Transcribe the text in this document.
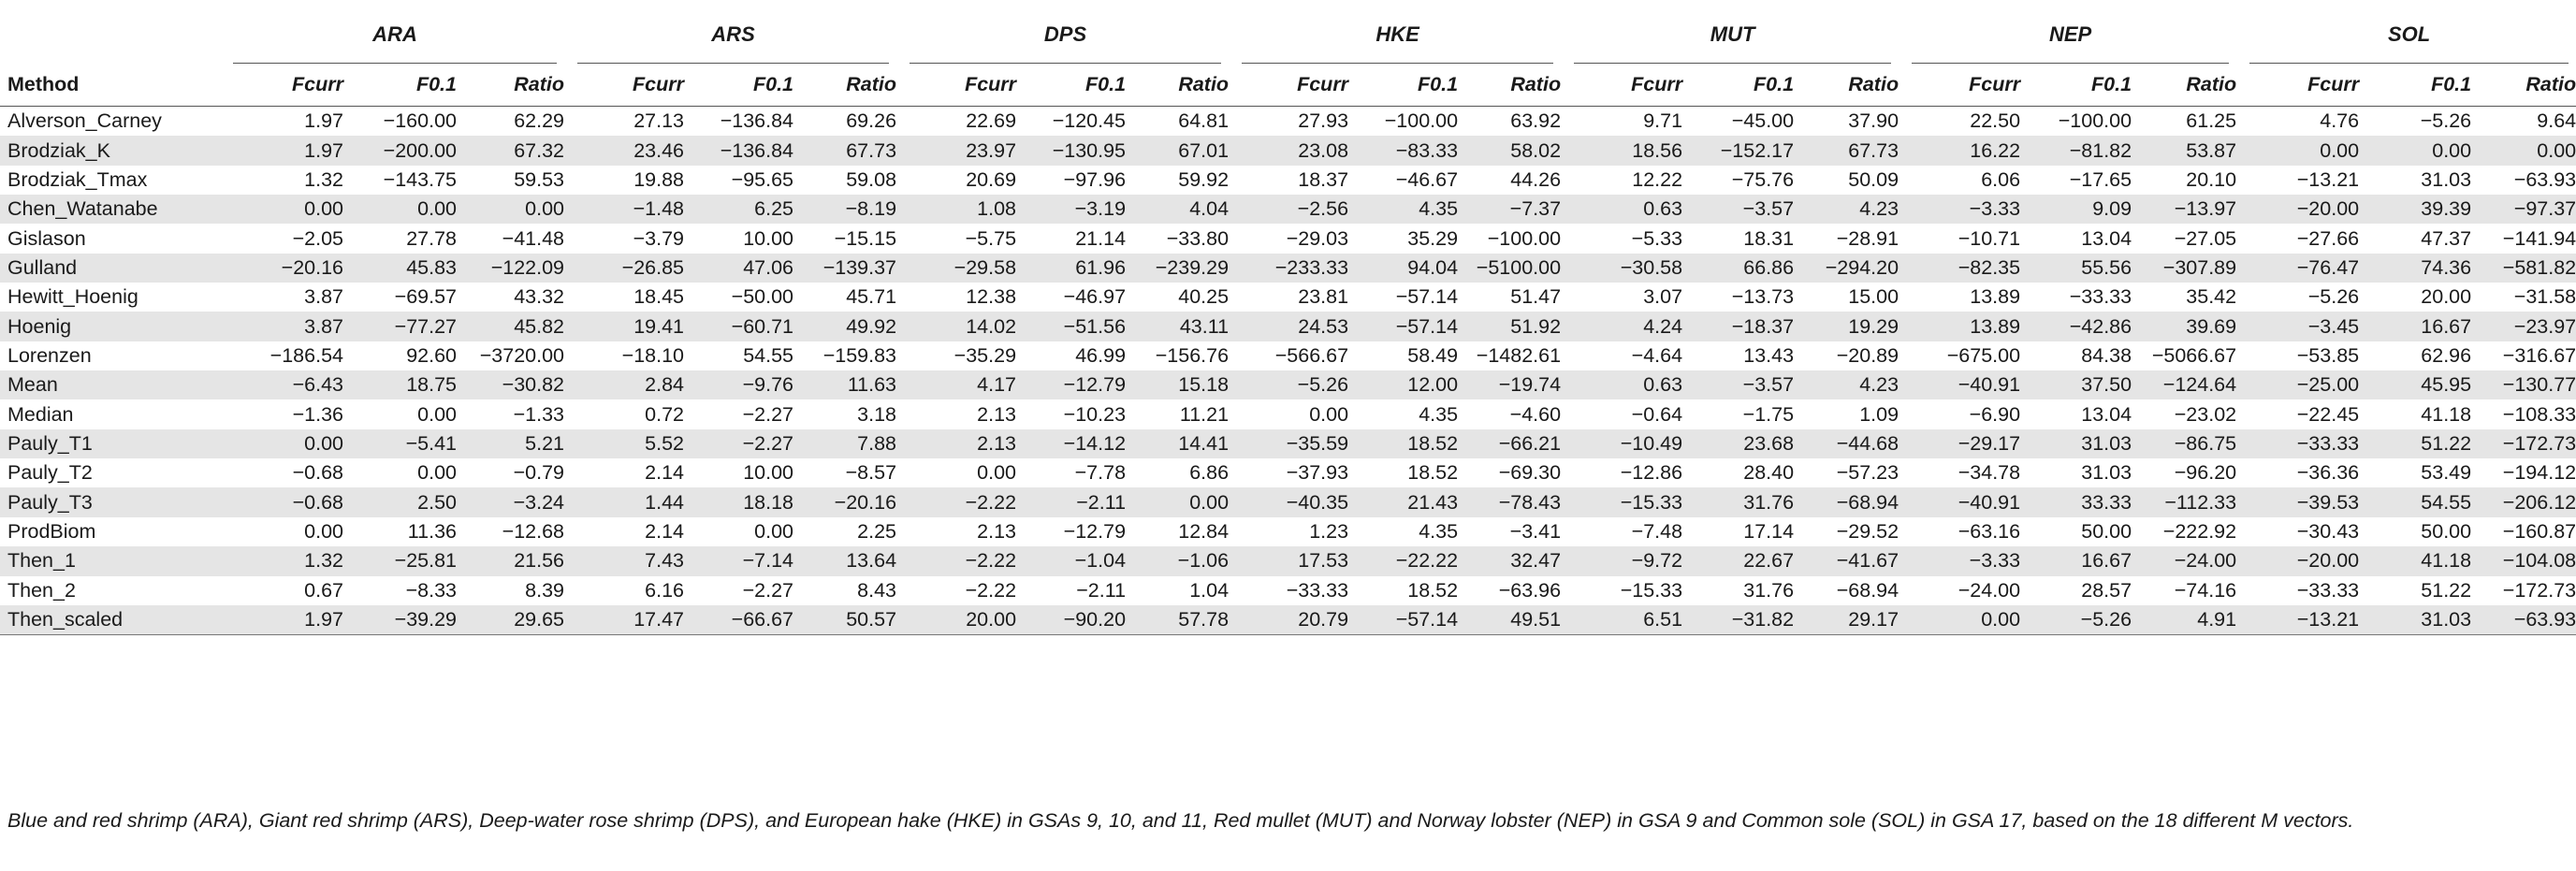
	ARA			ARS			DPS			HKE			MUT			NEP			SOL		

Method	Fcurr	F0.1	Ratio	Fcurr	F0.1	Ratio	Fcurr	F0.1	Ratio	Fcurr	F0.1	Ratio	Fcurr	F0.1	Ratio	Fcurr	F0.1	Ratio	Fcurr	F0.1	Ratio
Alverson_Carney	1.97	−160.00	62.29	27.13	−136.84	69.26	22.69	−120.45	64.81	27.93	−100.00	63.92	9.71	−45.00	37.90	22.50	−100.00	61.25	4.76	−5.26	9.64
Brodziak_K	1.97	−200.00	67.32	23.46	−136.84	67.73	23.97	−130.95	67.01	23.08	−83.33	58.02	18.56	−152.17	67.73	16.22	−81.82	53.87	0.00	0.00	0.00
Brodziak_Tmax	1.32	−143.75	59.53	19.88	−95.65	59.08	20.69	−97.96	59.92	18.37	−46.67	44.26	12.22	−75.76	50.09	6.06	−17.65	20.10	−13.21	31.03	−63.93
Chen_Watanabe	0.00	0.00	0.00	−1.48	6.25	−8.19	1.08	−3.19	4.04	−2.56	4.35	−7.37	0.63	−3.57	4.23	−3.33	9.09	−13.97	−20.00	39.39	−97.37
Gislason	−2.05	27.78	−41.48	−3.79	10.00	−15.15	−5.75	21.14	−33.80	−29.03	35.29	−100.00	−5.33	18.31	−28.91	−10.71	13.04	−27.05	−27.66	47.37	−141.94
Gulland	−20.16	45.83	−122.09	−26.85	47.06	−139.37	−29.58	61.96	−239.29	−233.33	94.04	−5100.00	−30.58	66.86	−294.20	−82.35	55.56	−307.89	−76.47	74.36	−581.82
Hewitt_Hoenig	3.87	−69.57	43.32	18.45	−50.00	45.71	12.38	−46.97	40.25	23.81	−57.14	51.47	3.07	−13.73	15.00	13.89	−33.33	35.42	−5.26	20.00	−31.58
Hoenig	3.87	−77.27	45.82	19.41	−60.71	49.92	14.02	−51.56	43.11	24.53	−57.14	51.92	4.24	−18.37	19.29	13.89	−42.86	39.69	−3.45	16.67	−23.97
Lorenzen	−186.54	92.60	−3720.00	−18.10	54.55	−159.83	−35.29	46.99	−156.76	−566.67	58.49	−1482.61	−4.64	13.43	−20.89	−675.00	84.38	−5066.67	−53.85	62.96	−316.67
Mean	−6.43	18.75	−30.82	2.84	−9.76	11.63	4.17	−12.79	15.18	−5.26	12.00	−19.74	0.63	−3.57	4.23	−40.91	37.50	−124.64	−25.00	45.95	−130.77
Median	−1.36	0.00	−1.33	0.72	−2.27	3.18	2.13	−10.23	11.21	0.00	4.35	−4.60	−0.64	−1.75	1.09	−6.90	13.04	−23.02	−22.45	41.18	−108.33
Pauly_T1	0.00	−5.41	5.21	5.52	−2.27	7.88	2.13	−14.12	14.41	−35.59	18.52	−66.21	−10.49	23.68	−44.68	−29.17	31.03	−86.75	−33.33	51.22	−172.73
Pauly_T2	−0.68	0.00	−0.79	2.14	10.00	−8.57	0.00	−7.78	6.86	−37.93	18.52	−69.30	−12.86	28.40	−57.23	−34.78	31.03	−96.20	−36.36	53.49	−194.12
Pauly_T3	−0.68	2.50	−3.24	1.44	18.18	−20.16	−2.22	−2.11	0.00	−40.35	21.43	−78.43	−15.33	31.76	−68.94	−40.91	33.33	−112.33	−39.53	54.55	−206.12
ProdBiom	0.00	11.36	−12.68	2.14	0.00	2.25	2.13	−12.79	12.84	1.23	4.35	−3.41	−7.48	17.14	−29.52	−63.16	50.00	−222.92	−30.43	50.00	−160.87
Then_1	1.32	−25.81	21.56	7.43	−7.14	13.64	−2.22	−1.04	−1.06	17.53	−22.22	32.47	−9.72	22.67	−41.67	−3.33	16.67	−24.00	−20.00	41.18	−104.08
Then_2	0.67	−8.33	8.39	6.16	−2.27	8.43	−2.22	−2.11	1.04	−33.33	18.52	−63.96	−15.33	31.76	−68.94	−24.00	28.57	−74.16	−33.33	51.22	−172.73
Then_scaled	1.97	−39.29	29.65	17.47	−66.67	50.57	20.00	−90.20	57.78	20.79	−57.14	49.51	6.51	−31.82	29.17	0.00	−5.26	4.91	−13.21	31.03	−63.93
Blue and red shrimp (ARA), Giant red shrimp (ARS), Deep-water rose shrimp (DPS), and European hake (HKE) in GSAs 9, 10, and 11, Red mullet (MUT) and Norway lobster (NEP) in GSA 9 and Common sole (SOL) in GSA 17, based on the 18 different M vectors.
